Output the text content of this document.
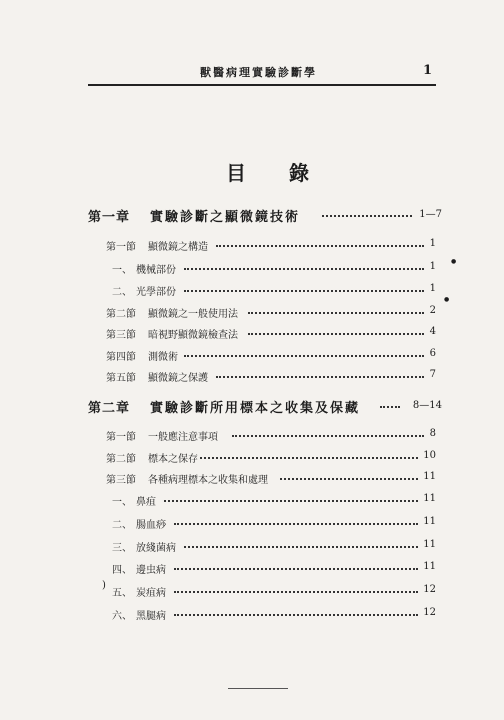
獸醫病理實驗診斷學	1
目 錄
第一章 實驗診斷之顯微鏡技術	1—7
第一節 顯微鏡之構造	1
一、 機械部份	1
二、 光學部份	1
第二節 顯微鏡之一般使用法	2
第三節 暗視野顯微鏡檢查法	4
第四節 測微術	6
第五節 顯微鏡之保護	7
第二章 實驗診斷所用標本之收集及保藏	8—14
第一節 一般應注意事項	8
第二節 標本之保存	10
第三節 各種病理標本之收集和處理	11
一、 鼻疽	11
二、 腸血痧	11
三、 放綫菌病	11
四、 邊虫病	11
五、 炭疽病	12
六、 黑腿病	12
)
●
●
